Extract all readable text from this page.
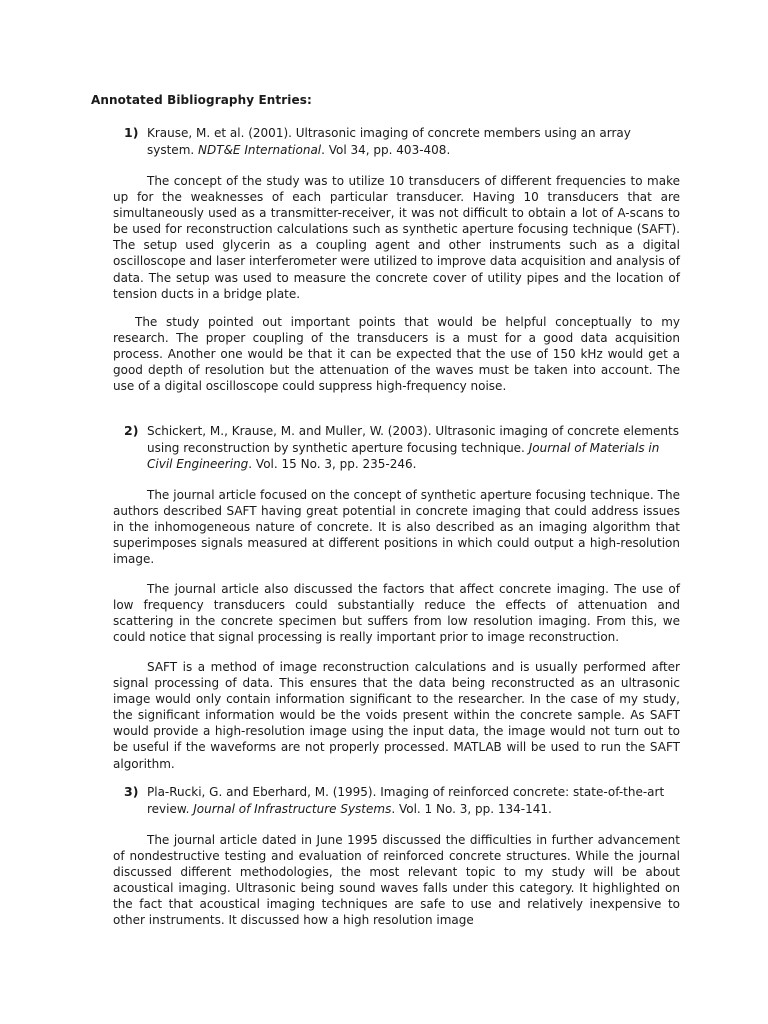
Annotated Bibliography Entries:
1) Krause, M. et al. (2001). Ultrasonic imaging of concrete members using an array system. NDT&E International. Vol 34, pp. 403-408.
The concept of the study was to utilize 10 transducers of different frequencies to make up for the weaknesses of each particular transducer. Having 10 transducers that are simultaneously used as a transmitter-receiver, it was not difficult to obtain a lot of A-scans to be used for reconstruction calculations such as synthetic aperture focusing technique (SAFT). The setup used glycerin as a coupling agent and other instruments such as a digital oscilloscope and laser interferometer were utilized to improve data acquisition and analysis of data. The setup was used to measure the concrete cover of utility pipes and the location of tension ducts in a bridge plate.
The study pointed out important points that would be helpful conceptually to my research. The proper coupling of the transducers is a must for a good data acquisition process. Another one would be that it can be expected that the use of 150 kHz would get a good depth of resolution but the attenuation of the waves must be taken into account. The use of a digital oscilloscope could suppress high-frequency noise.
2) Schickert, M., Krause, M. and Muller, W. (2003). Ultrasonic imaging of concrete elements using reconstruction by synthetic aperture focusing technique. Journal of Materials in Civil Engineering. Vol. 15 No. 3, pp. 235-246.
The journal article focused on the concept of synthetic aperture focusing technique. The authors described SAFT having great potential in concrete imaging that could address issues in the inhomogeneous nature of concrete. It is also described as an imaging algorithm that superimposes signals measured at different positions in which could output a high-resolution image.
The journal article also discussed the factors that affect concrete imaging. The use of low frequency transducers could substantially reduce the effects of attenuation and scattering in the concrete specimen but suffers from low resolution imaging. From this, we could notice that signal processing is really important prior to image reconstruction.
SAFT is a method of image reconstruction calculations and is usually performed after signal processing of data. This ensures that the data being reconstructed as an ultrasonic image would only contain information significant to the researcher. In the case of my study, the significant information would be the voids present within the concrete sample. As SAFT would provide a high-resolution image using the input data, the image would not turn out to be useful if the waveforms are not properly processed. MATLAB will be used to run the SAFT algorithm.
3) Pla-Rucki, G. and Eberhard, M. (1995). Imaging of reinforced concrete: state-of-the-art review. Journal of Infrastructure Systems. Vol. 1 No. 3, pp. 134-141.
The journal article dated in June 1995 discussed the difficulties in further advancement of nondestructive testing and evaluation of reinforced concrete structures. While the journal discussed different methodologies, the most relevant topic to my study will be about acoustical imaging. Ultrasonic being sound waves falls under this category. It highlighted on the fact that acoustical imaging techniques are safe to use and relatively inexpensive to other instruments. It discussed how a high resolution image
